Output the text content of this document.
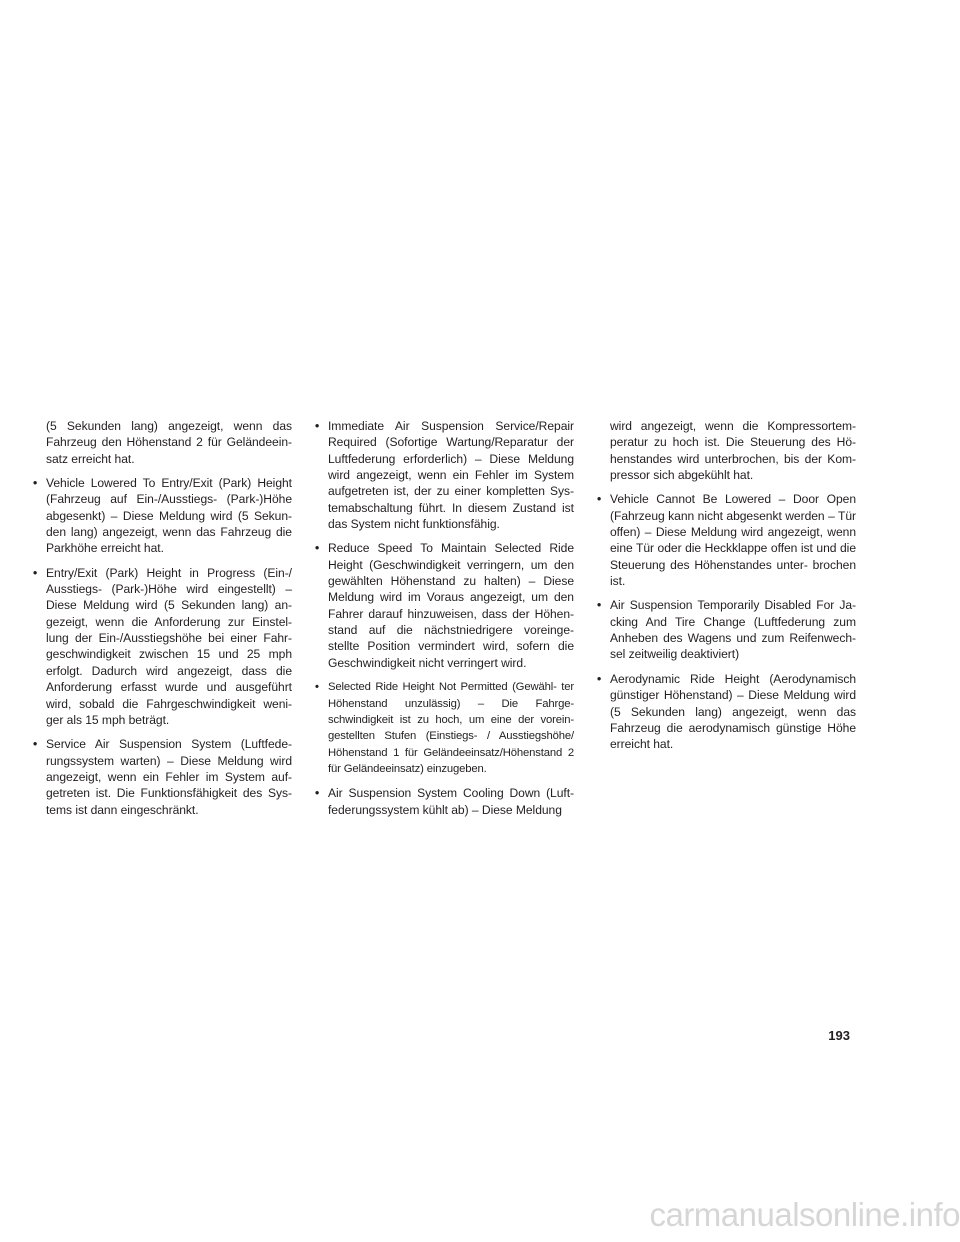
(5 Sekunden lang) angezeigt, wenn das Fahrzeug den Höhenstand 2 für Geländeein- satz erreicht hat.

• Vehicle Lowered To Entry/Exit (Park) Height (Fahrzeug auf Ein-/Ausstiegs- (Park-)Höhe abgesenkt) – Diese Meldung wird (5 Sekun- den lang) angezeigt, wenn das Fahrzeug die Parkhöhe erreicht hat.
• Entry/Exit (Park) Height in Progress (Ein-/ Ausstiegs- (Park-)Höhe wird eingestellt) – Diese Meldung wird (5 Sekunden lang) an- gezeigt, wenn die Anforderung zur Einstel- lung der Ein-/Ausstiegshöhe bei einer Fahr- geschwindigkeit zwischen 15 und 25 mph erfolgt. Dadurch wird angezeigt, dass die Anforderung erfasst wurde und ausgeführt wird, sobald die Fahrgeschwindigkeit weni- ger als 15 mph beträgt.
• Service Air Suspension System (Luftfede- rungssystem warten) – Diese Meldung wird angezeigt, wenn ein Fehler im System auf- getreten ist. Die Funktionsfähigkeit des Sys- tems ist dann eingeschränkt.
• Immediate Air Suspension Service/Repair Required (Sofortige Wartung/Reparatur der Luftfederung erforderlich) – Diese Meldung wird angezeigt, wenn ein Fehler im System aufgetreten ist, der zu einer kompletten Sys- temabschaltung führt. In diesem Zustand ist das System nicht funktionsfähig.
• Reduce Speed To Maintain Selected Ride Height (Geschwindigkeit verringern, um den gewählten Höhenstand zu halten) – Diese Meldung wird im Voraus angezeigt, um den Fahrer darauf hinzuweisen, dass der Höhen- stand auf die nächstniedrigere voreinge- stellte Position vermindert wird, sofern die Geschwindigkeit nicht verringert wird.
• Selected Ride Height Not Permitted (Gewähl- ter Höhenstand unzulässig) – Die Fahrge- schwindigkeit ist zu hoch, um eine der vorein- gestellten Stufen (Einstiegs- / Ausstiegshöhe/ Höhenstand 1 für Geländeeinsatz/Höhenstand 2 für Geländeeinsatz) einzugeben.
• Air Suspension System Cooling Down (Luft- federungssystem kühlt ab) – Diese Meldung

wird angezeigt, wenn die Kompressortem- peratur zu hoch ist. Die Steuerung des Hö- henstandes wird unterbrochen, bis der Kom- pressor sich abgekühlt hat.

• Vehicle Cannot Be Lowered – Door Open (Fahrzeug kann nicht abgesenkt werden – Tür offen) – Diese Meldung wird angezeigt, wenn eine Tür oder die Heckklappe offen ist und die Steuerung des Höhenstandes unter- brochen ist.
• Air Suspension Temporarily Disabled For Ja- cking And Tire Change (Luftfederung zum Anheben des Wagens und zum Reifenwech- sel zeitweilig deaktiviert)
• Aerodynamic Ride Height (Aerodynamisch günstiger Höhenstand) – Diese Meldung wird (5 Sekunden lang) angezeigt, wenn das Fahrzeug die aerodynamisch günstige Höhe erreicht hat.
193
carmanualsonline.info
